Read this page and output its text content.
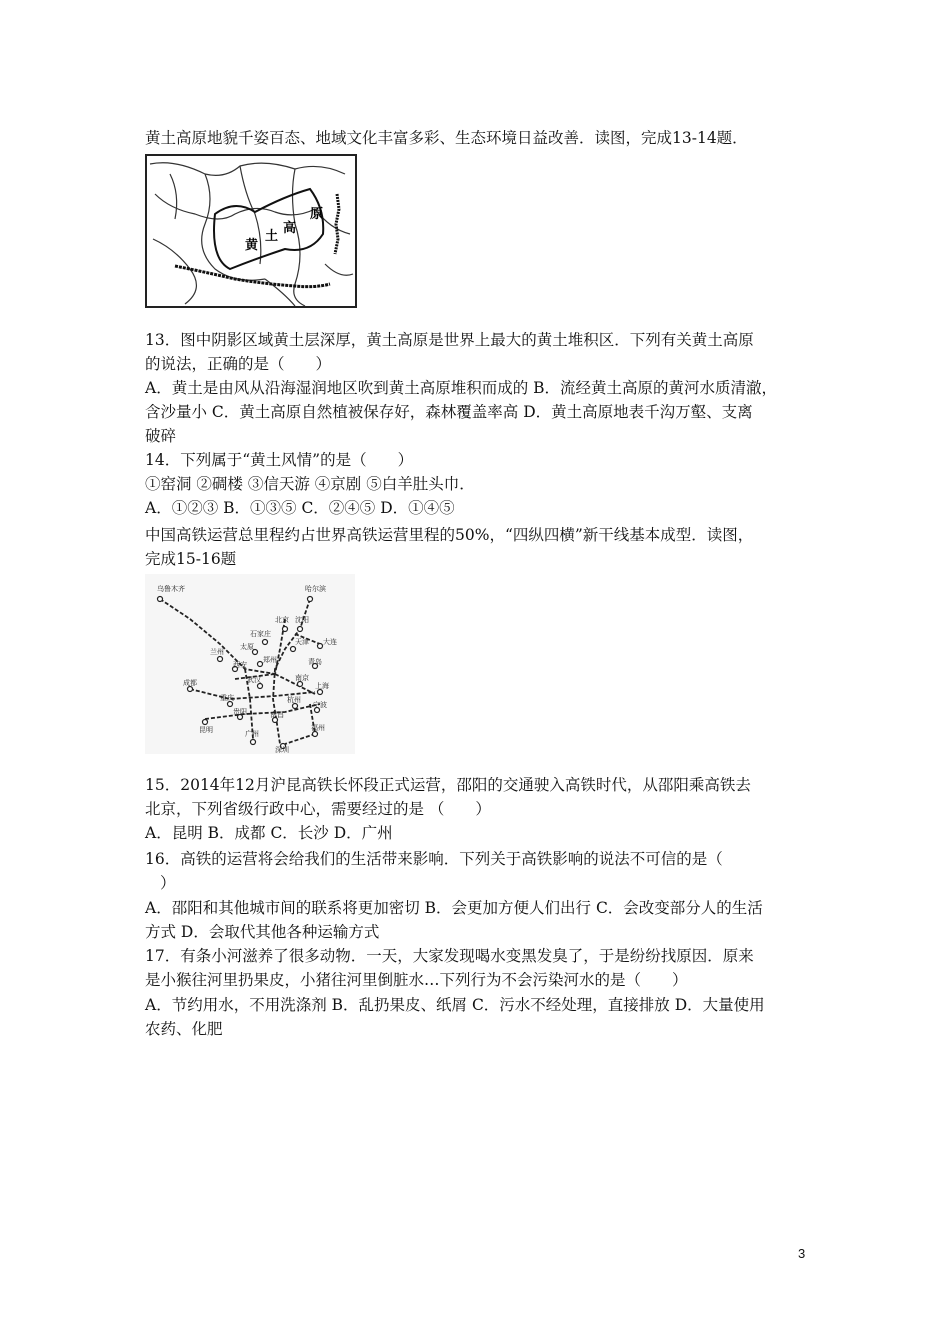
黄土高原地貌千姿百态、地域文化丰富多彩、生态环境日益改善．读图，完成13-14题．
黄
土
高
原
13．图中阴影区域黄土层深厚，黄土高原是世界上最大的黄土堆积区．下列有关黄土高原
的说法，正确的是（　　）
A．黄土是由风从沿海湿润地区吹到黄土高原堆积而成的 B．流经黄土高原的黄河水质清澈，
含沙量小 C．黄土高原自然植被保存好，森林覆盖率高 D．黄土高原地表千沟万壑、支离
破碎
14．下列属于“黄土风情”的是（　　）
①窑洞 ②碉楼 ③信天游 ④京剧 ⑤白羊肚头巾．
A．①②③ B．①③⑤ C．②④⑤ D．①④⑤
中国高铁运营总里程约占世界高铁运营里程的50%，“四纵四横”新干线基本成型．读图，
完成15-16题
乌鲁木齐	哈尔滨
北京 沈阳
石家庄
天津 大连
太原
兰州
郑州
西安	青岛
成都	武汉	南京
上海
重庆	杭州
宁波
贵阳	南昌
昆明	福州
广州
深圳
15．2014年12月沪昆高铁长怀段正式运营，邵阳的交通驶入高铁时代，从邵阳乘高铁去
北京，下列省级行政中心，需要经过的是 （　　）
A．昆明 B．成都 C．长沙 D．广州
16．高铁的运营将会给我们的生活带来影响．下列关于高铁影响的说法不可信的是（
）
A．邵阳和其他城市间的联系将更加密切 B．会更加方便人们出行 C．会改变部分人的生活
方式 D．会取代其他各种运输方式
17．有条小河滋养了很多动物．一天，大家发现喝水变黑发臭了，于是纷纷找原因．原来
是小猴往河里扔果皮，小猪往河里倒脏水…下列行为不会污染河水的是（　　）
A．节约用水，不用洗涤剂 B．乱扔果皮、纸屑 C．污水不经处理，直接排放 D．大量使用
农药、化肥
3
